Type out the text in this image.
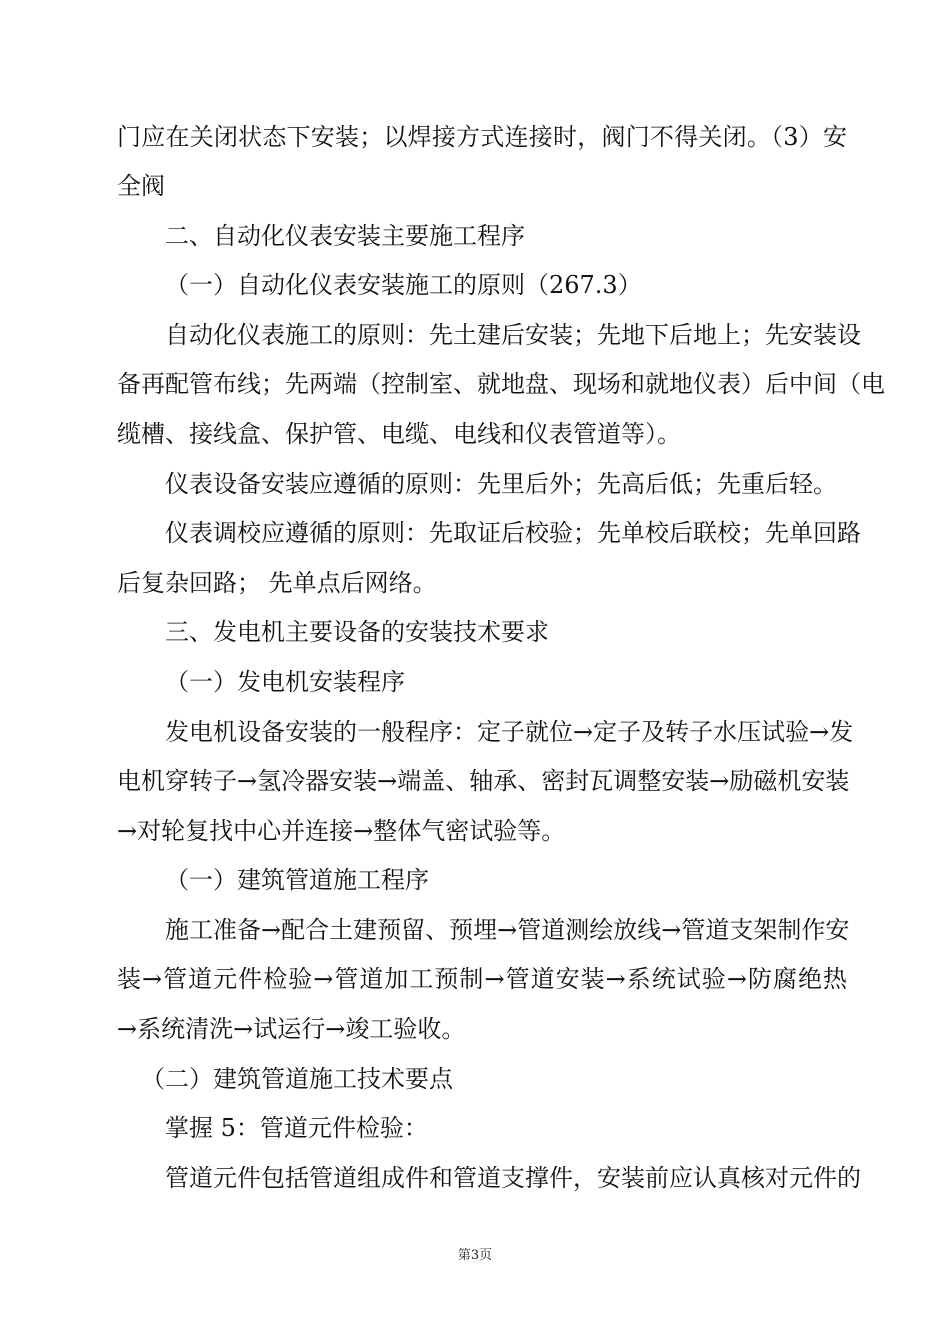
门应在关闭状态下安装；以焊接方式连接时，阀门不得关闭。（3）安
全阀
二、自动化仪表安装主要施工程序
（一）自动化仪表安装施工的原则（267.3）
自动化仪表施工的原则：先土建后安装；先地下后地上；先安装设
备再配管布线；先两端（控制室、就地盘、现场和就地仪表）后中间（电
缆槽、接线盒、保护管、电缆、电线和仪表管道等）。
仪表设备安装应遵循的原则：先里后外；先高后低；先重后轻。
仪表调校应遵循的原则：先取证后校验；先单校后联校；先单回路
后复杂回路； 先单点后网络。
三、发电机主要设备的安装技术要求
（一）发电机安装程序
发电机设备安装的一般程序：定子就位→定子及转子水压试验→发
电机穿转子→氢冷器安装→端盖、轴承、密封瓦调整安装→励磁机安装
→对轮复找中心并连接→整体气密试验等。
（一）建筑管道施工程序
施工准备→配合土建预留、预埋→管道测绘放线→管道支架制作安
装→管道元件检验→管道加工预制→管道安装→系统试验→防腐绝热
→系统清洗→试运行→竣工验收。
（二）建筑管道施工技术要点
掌握 5：管道元件检验：
管道元件包括管道组成件和管道支撑件，安装前应认真核对元件的
第3页
